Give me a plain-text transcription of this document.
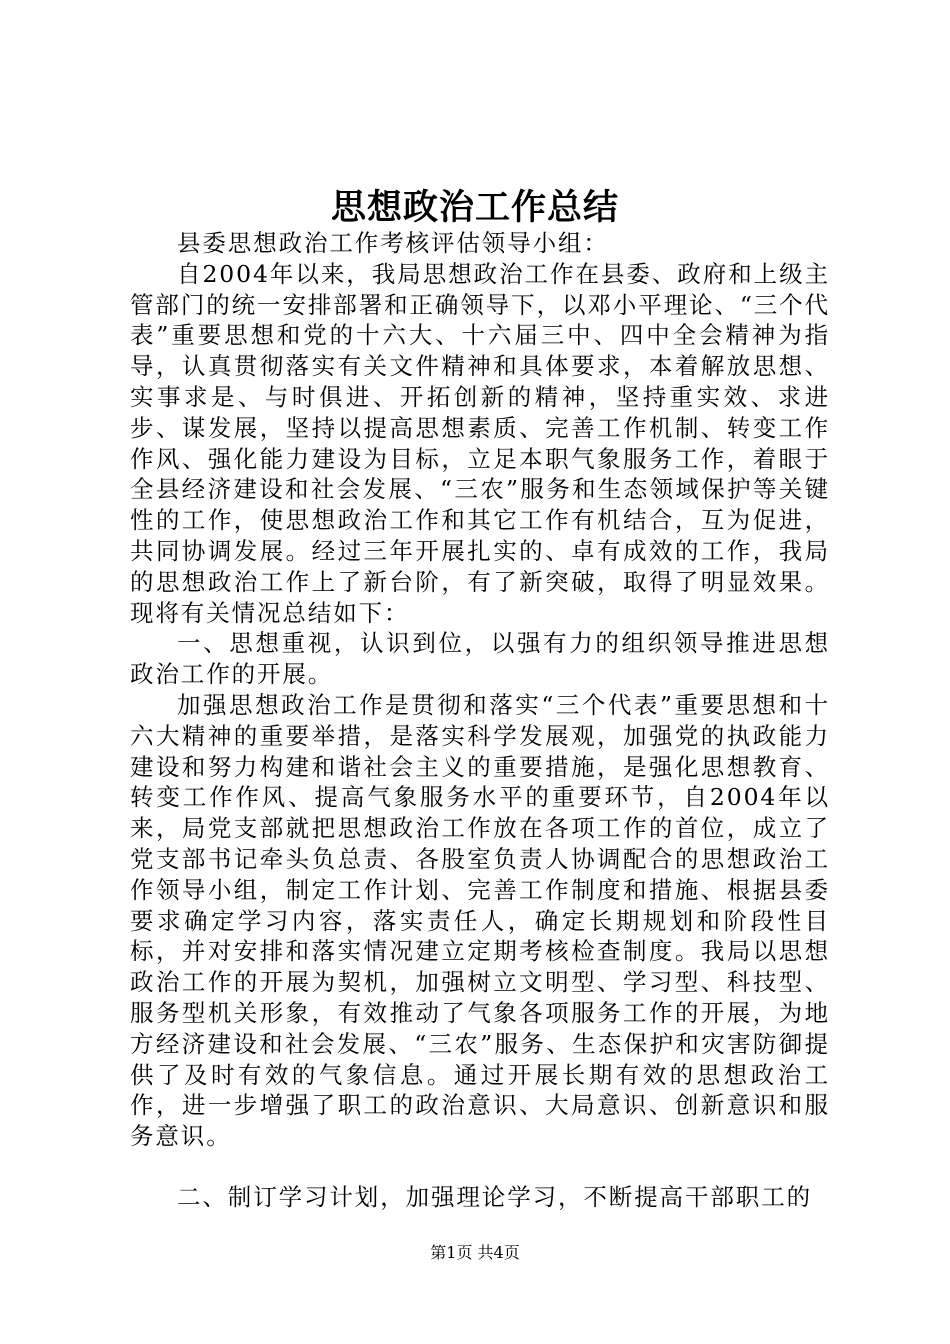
思想政治工作总结

县委思想政治工作考核评估领导小组：

自2004年以来，我局思想政治工作在县委、政府和上级主管部门的统一安排部署和正确领导下，以邓小平理论、“三个代表”重要思想和党的十六大、十六届三中、四中全会精神为指导，认真贯彻落实有关文件精神和具体要求，本着解放思想、实事求是、与时俱进、开拓创新的精神，坚持重实效、求进步、谋发展，坚持以提高思想素质、完善工作机制、转变工作作风、强化能力建设为目标，立足本职气象服务工作，着眼于全县经济建设和社会发展、“三农”服务和生态领域保护等关键性的工作，使思想政治工作和其它工作有机结合，互为促进，共同协调发展。经过三年开展扎实的、卓有成效的工作，我局的思想政治工作上了新台阶，有了新突破，取得了明显效果。现将有关情况总结如下：

一、思想重视，认识到位，以强有力的组织领导推进思想政治工作的开展。

加强思想政治工作是贯彻和落实“三个代表”重要思想和十六大精神的重要举措，是落实科学发展观，加强党的执政能力建设和努力构建和谐社会主义的重要措施，是强化思想教育、转变工作作风、提高气象服务水平的重要环节，自2004年以来，局党支部就把思想政治工作放在各项工作的首位，成立了党支部书记牵头负总责、各股室负责人协调配合的思想政治工作领导小组，制定工作计划、完善工作制度和措施、根据县委要求确定学习内容，落实责任人，确定长期规划和阶段性目标，并对安排和落实情况建立定期考核检查制度。我局以思想政治工作的开展为契机，加强树立文明型、学习型、科技型、服务型机关形象，有效推动了气象各项服务工作的开展，为地方经济建设和社会发展、“三农”服务、生态保护和灾害防御提供了及时有效的气象信息。通过开展长期有效的思想政治工作，进一步增强了职工的政治意识、大局意识、创新意识和服务意识。

二、制订学习计划，加强理论学习，不断提高干部职工的

第1页 共4页
